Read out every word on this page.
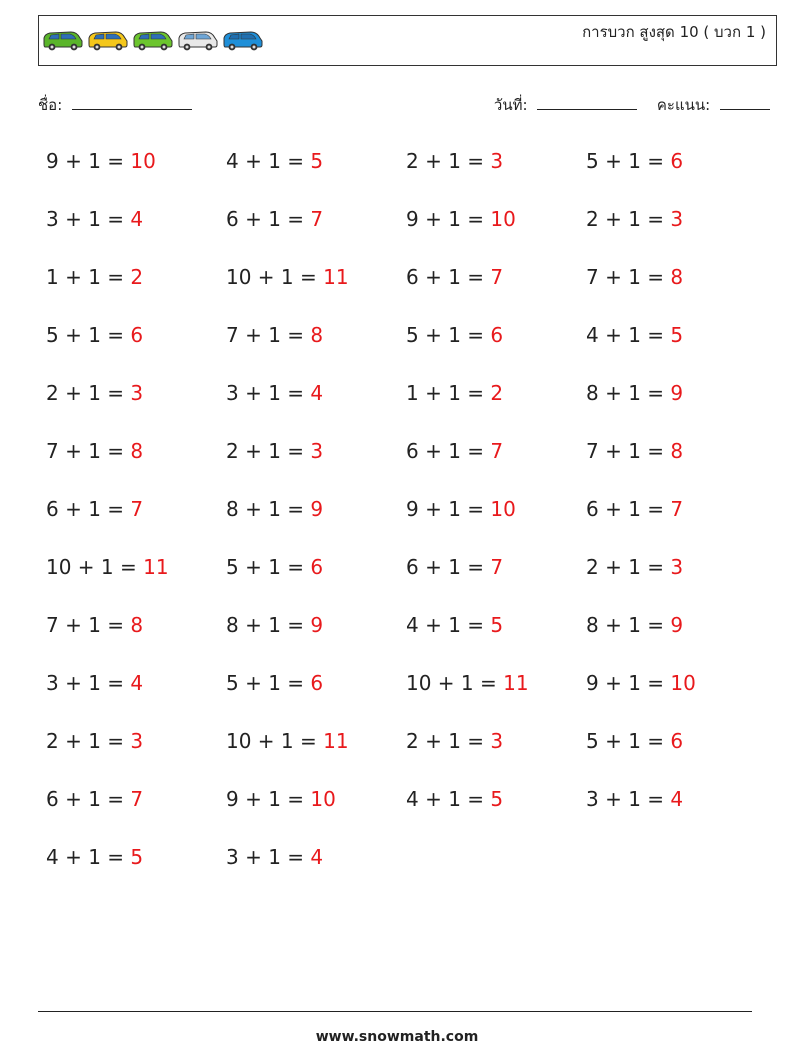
การบวก สูงสุด 10 ( บวก 1 )
ชื่อ:	วันที่:	คะแนน:
9 + 1 = 10	4 + 1 = 5	2 + 1 = 3	5 + 1 = 6
3 + 1 = 4	6 + 1 = 7	9 + 1 = 10	2 + 1 = 3
1 + 1 = 2	10 + 1 = 11	6 + 1 = 7	7 + 1 = 8
5 + 1 = 6	7 + 1 = 8	5 + 1 = 6	4 + 1 = 5
2 + 1 = 3	3 + 1 = 4	1 + 1 = 2	8 + 1 = 9
7 + 1 = 8	2 + 1 = 3	6 + 1 = 7	7 + 1 = 8
6 + 1 = 7	8 + 1 = 9	9 + 1 = 10	6 + 1 = 7
10 + 1 = 11	5 + 1 = 6	6 + 1 = 7	2 + 1 = 3
7 + 1 = 8	8 + 1 = 9	4 + 1 = 5	8 + 1 = 9
3 + 1 = 4	5 + 1 = 6	10 + 1 = 11	9 + 1 = 10
2 + 1 = 3	10 + 1 = 11	2 + 1 = 3	5 + 1 = 6
6 + 1 = 7	9 + 1 = 10	4 + 1 = 5	3 + 1 = 4
4 + 1 = 5	3 + 1 = 4
www.snowmath.com
